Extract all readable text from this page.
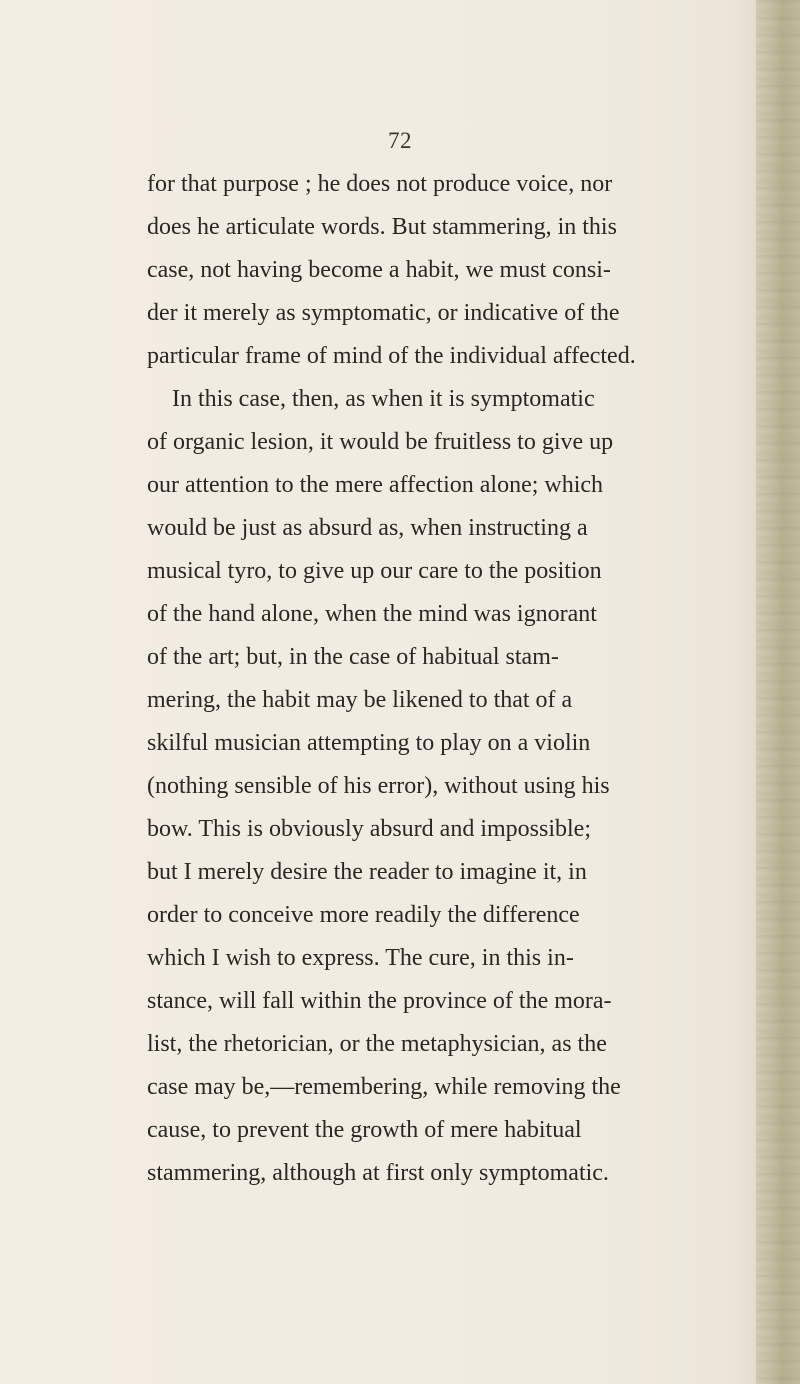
72
for that purpose ; he does not produce voice, nor
does he articulate words. But stammering, in this
case, not having become a habit, we must consi-
der it merely as symptomatic, or indicative of the
particular frame of mind of the individual affected.
In this case, then, as when it is symptomatic
of organic lesion, it would be fruitless to give up
our attention to the mere affection alone; which
would be just as absurd as, when instructing a
musical tyro, to give up our care to the position
of the hand alone, when the mind was ignorant
of the art; but, in the case of habitual stam-
mering, the habit may be likened to that of a
skilful musician attempting to play on a violin
(nothing sensible of his error), without using his
bow. This is obviously absurd and impossible;
but I merely desire the reader to imagine it, in
order to conceive more readily the difference
which I wish to express. The cure, in this in-
stance, will fall within the province of the mora-
list, the rhetorician, or the metaphysician, as the
case may be,—remembering, while removing the
cause, to prevent the growth of mere habitual
stammering, although at first only symptomatic.
